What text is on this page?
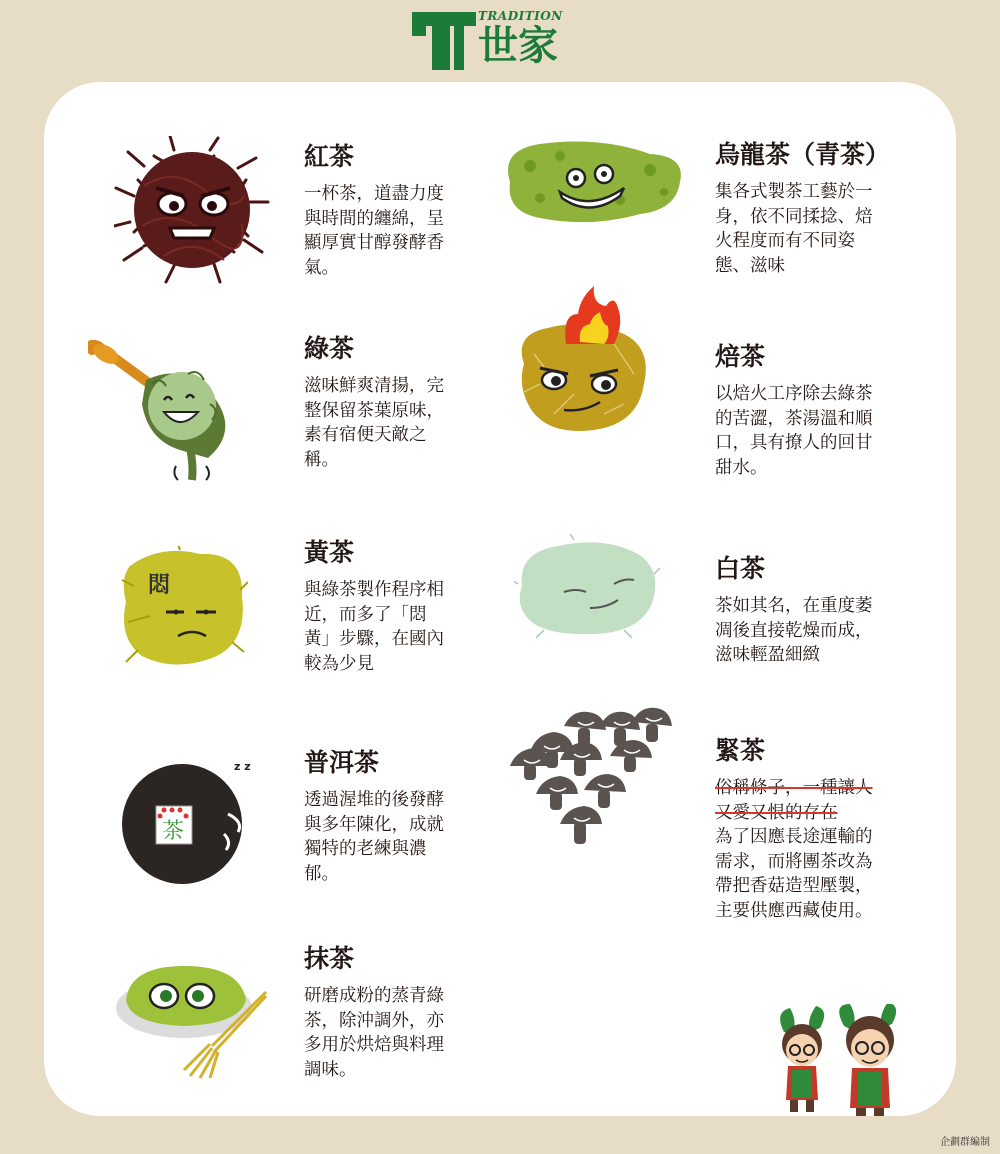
TRADITION
世家
悶
茶
z z
紅茶
一杯茶，道盡力度與時間的纏綿，呈顯厚實甘醇發酵香氣。
綠茶
滋味鮮爽清揚，完整保留茶葉原味，素有宿便天敵之稱。
黃茶
與綠茶製作程序相近，而多了「悶黃」步驟，在國內較為少見
普洱茶
透過渥堆的後發酵與多年陳化，成就獨特的老練與濃郁。
抹茶
研磨成粉的蒸青綠茶，除沖調外，亦多用於烘焙與料理調味。
烏龍茶（青茶）
集各式製茶工藝於一身，依不同揉捻、焙火程度而有不同姿態、滋味
焙茶
以焙火工序除去綠茶的苦澀，茶湯溫和順口，具有撩人的回甘甜水。
白茶
茶如其名，在重度萎凋後直接乾燥而成，滋味輕盈細緻
緊茶
俗稱條子，一種讓人又愛又恨的存在
為了因應長途運輸的需求，而將團茶改為帶把香菇造型壓製，主要供應西藏使用。
企劃群編制
